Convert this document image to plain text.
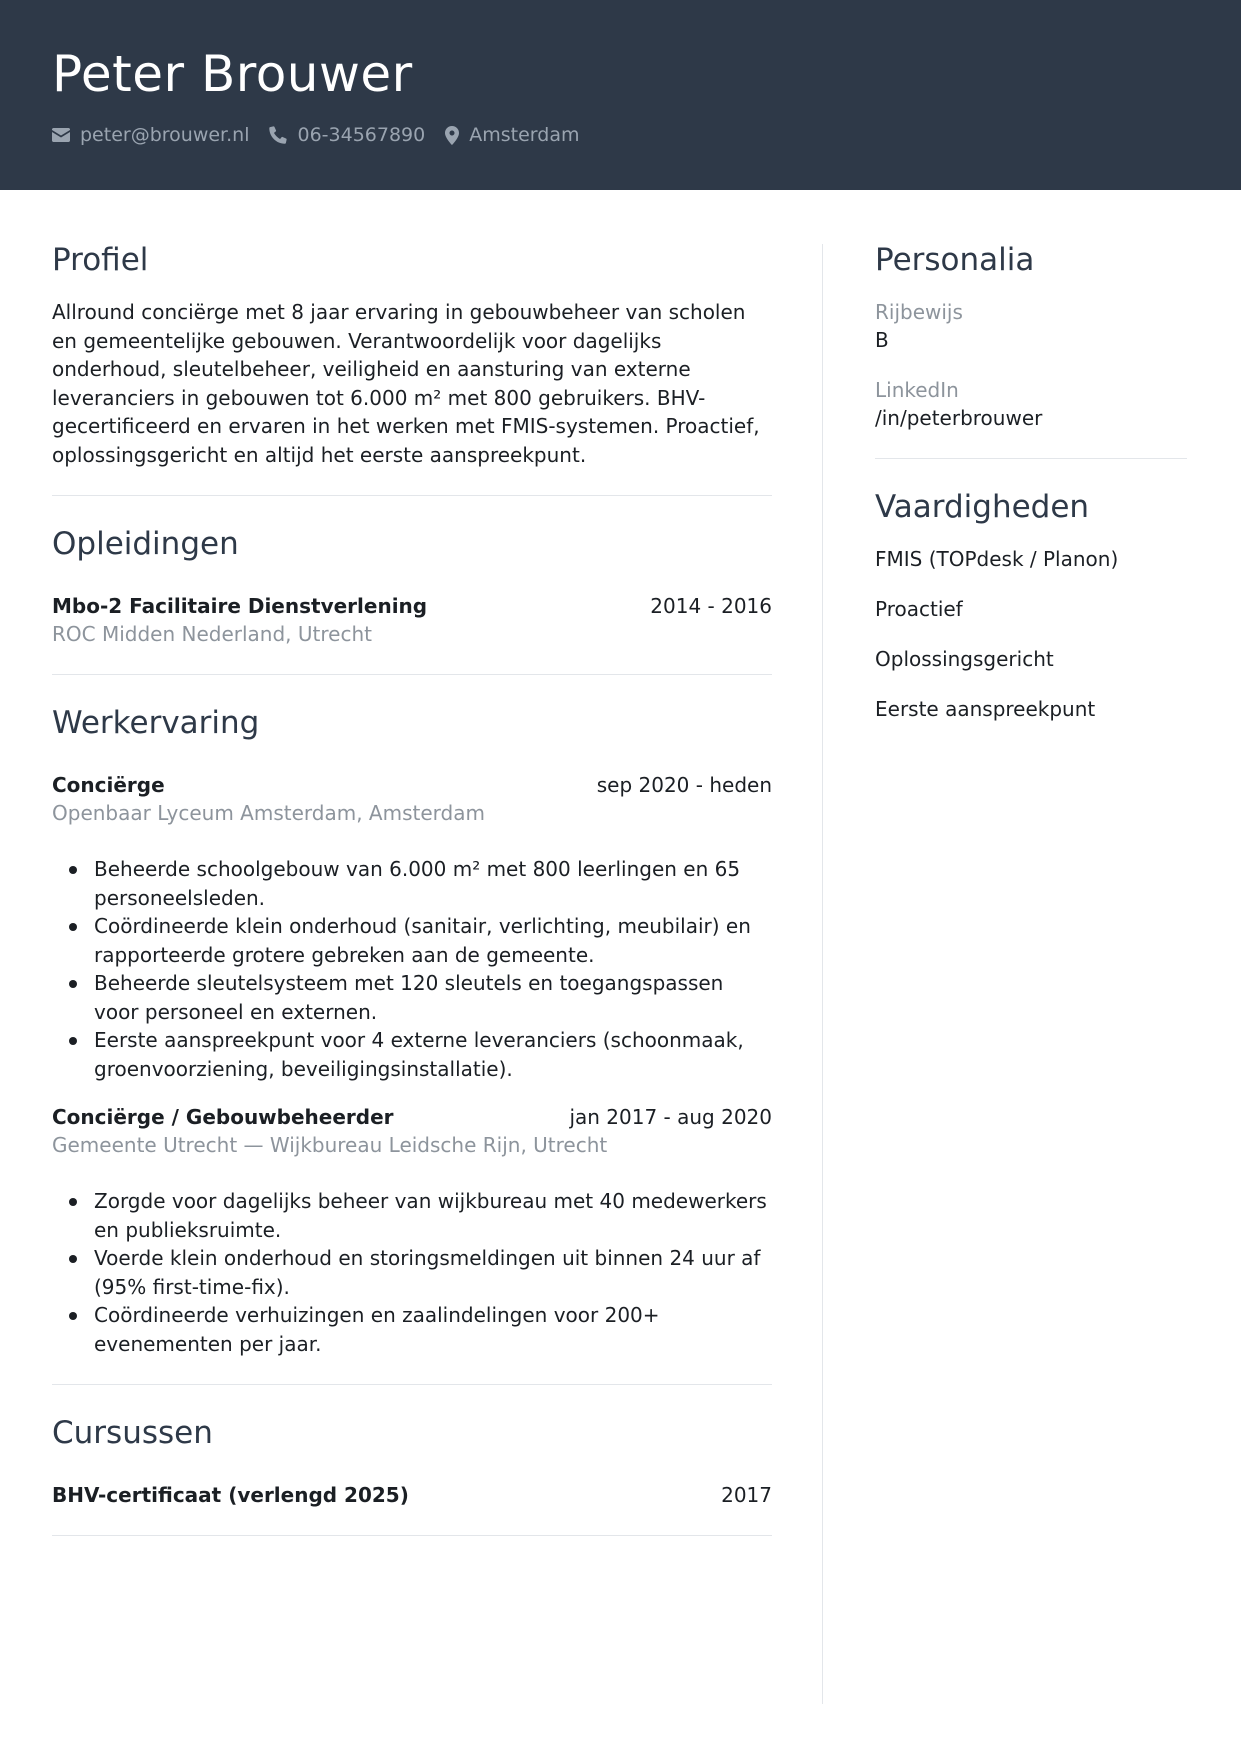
Peter Brouwer
peter@brouwer.nl	06-34567890 Amsterdam
Profiel

Allround conciërge met 8 jaar ervaring in gebouwbeheer van scholen en gemeentelijke gebouwen. Verantwoordelijk voor dagelijks onderhoud, sleutelbeheer, veiligheid en aansturing van externe leveranciers in gebouwen tot 6.000 m² met 800 gebruikers. BHV-gecertificeerd en ervaren in het werken met FMIS-systemen. Proactief, oplossingsgericht en altijd het eerste aanspreekpunt.

Opleidingen
Mbo-2 Facilitaire Dienstverlening	2014 - 2016
ROC Midden Nederland, Utrecht
Werkervaring
Conciërge	sep 2020 - heden
Openbaar Lyceum Amsterdam, Amsterdam
Beheerde schoolgebouw van 6.000 m² met 800 leerlingen en 65 personeelsleden.
Coördineerde klein onderhoud (sanitair, verlichting, meubilair) en rapporteerde grotere gebreken aan de gemeente.
Beheerde sleutelsysteem met 120 sleutels en toegangspassen voor personeel en externen.
Eerste aanspreekpunt voor 4 externe leveranciers (schoonmaak, groenvoorziening, beveiligingsinstallatie).
Conciërge / Gebouwbeheerder	jan 2017 - aug 2020
Gemeente Utrecht — Wijkbureau Leidsche Rijn, Utrecht
Zorgde voor dagelijks beheer van wijkbureau met 40 medewerkers en publieksruimte.
Voerde klein onderhoud en storingsmeldingen uit binnen 24 uur af (95% first-time-fix).
Coördineerde verhuizingen en zaalindelingen voor 200+ evenementen per jaar.
Cursussen
BHV-certificaat (verlengd 2025)	2017
Personalia
Rijbewijs
B
LinkedIn
/in/peterbrouwer
Vaardigheden
FMIS (TOPdesk / Planon)
Proactief
Oplossingsgericht
Eerste aanspreekpunt
